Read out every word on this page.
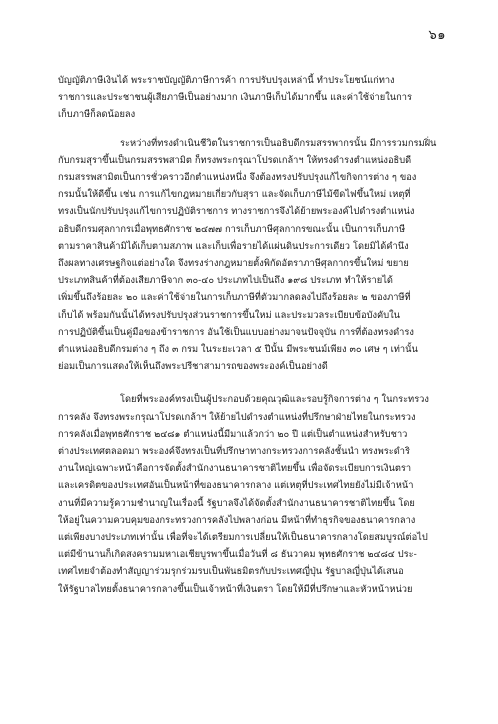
๖๑
บัญญัติภาษีเงินได้ พระราชบัญญัติภาษีการค้า การปรับปรุงเหล่านี้ ทำประโยชน์แก่ทาง
ราชการและประชาชนผู้เสียภาษีเป็นอย่างมาก เงินภาษีเก็บได้มากขึ้น และค่าใช้จ่ายในการ
เก็บภาษีก็ลดน้อยลง
ระหว่างที่ทรงดำเนินชีวิตในราชการเป็นอธิบดีกรมสรรพากรนั้น มีการรวมกรมฝิ่น
กับกรมสุราขึ้นเป็นกรมสรรพสามิต ก็ทรงพระกรุณาโปรดเกล้าฯ ให้ทรงดำรงตำแหน่งอธิบดี
กรมสรรพสามิตเป็นการชั่วคราวอีกตำแหน่งหนึ่ง จึงต้องทรงปรับปรุงแก้ไขกิจการต่าง ๆ ของ
กรมนั้นให้ดีขึ้น เช่น การแก้ไขกฎหมายเกี่ยวกับสุรา และจัดเก็บภาษีไม้ขีดไฟขึ้นใหม่ เหตุที่
ทรงเป็นนักปรับปรุงแก้ไขการปฏิบัติราชการ ทางราชการจึงได้ย้ายพระองค์ไปดำรงตำแหน่ง
อธิบดีกรมศุลกากรเมื่อพุทธศักราช ๒๔๗๗ การเก็บภาษีศุลกากรขณะนั้น เป็นการเก็บภาษี
ตามราคาสินค้ามิได้เก็บตามสภาพ และเก็บเพื่อรายได้แผ่นดินประการเดียว โดยมิได้คำนึง
ถึงผลทางเศรษฐกิจแต่อย่างใด จึงทรงร่างกฎหมายตั้งพิกัดอัตราภาษีศุลกากรขึ้นใหม่ ขยาย
ประเภทสินค้าที่ต้องเสียภาษีจาก ๓๐-๔๐ ประเภทไปเป็นถึง ๑๙๘ ประเภท ทำให้รายได้
เพิ่มขึ้นถึงร้อยละ ๒๐ และค่าใช้จ่ายในการเก็บภาษีที่ตัวมากลดลงไปถึงร้อยละ ๒ ของภาษีที่
เก็บได้ พร้อมกันนั้นได้ทรงปรับปรุงส่วนราชการขึ้นใหม่ และประมวลระเบียบข้อบังคับใน
การปฏิบัติขึ้นเป็นคู่มือของข้าราชการ อันใช้เป็นแบบอย่างมาจนปัจจุบัน การที่ต้องทรงดำรง
ตำแหน่งอธิบดีกรมต่าง ๆ ถึง ๓ กรม ในระยะเวลา ๕ ปีนั้น มีพระชนม์เพียง ๓๐ เศษ ๆ เท่านั้น
ย่อมเป็นการแสดงให้เห็นถึงพระปรีชาสามารถของพระองค์เป็นอย่างดี
โดยที่พระองค์ทรงเป็นผู้ประกอบด้วยคุณวุฒิและรอบรู้กิจการต่าง ๆ ในกระทรวง
การคลัง จึงทรงพระกรุณาโปรดเกล้าฯ ให้ย้ายไปดำรงตำแหน่งที่ปรึกษาฝ่ายไทยในกระทรวง
การคลังเมื่อพุทธศักราช ๒๔๘๑ ตำแหน่งนี้มีมาแล้วกว่า ๒๐ ปี แต่เป็นตำแหน่งสำหรับชาว
ต่างประเทศตลอดมา พระองค์จึงทรงเป็นที่ปรึกษาทางกระทรวงการคลังชั้นนำ ทรงพระดำริ
งานใหญ่เฉพาะหน้าคือการจัดตั้งสำนักงานธนาคารชาติไทยขึ้น เพื่อจัดระเบียบการเงินตรา
และเครดิตของประเทศอันเป็นหน้าที่ของธนาคารกลาง แต่เหตุที่ประเทศไทยยังไม่มีเจ้าหน้า
งานที่มีความรู้ความชำนาญในเรื่องนี้ รัฐบาลจึงได้จัดตั้งสำนักงานธนาคารชาติไทยขึ้น โดย
ให้อยู่ในความควบคุมของกระทรวงการคลังไปพลางก่อน มีหน้าที่ทำธุรกิจของธนาคารกลาง
แต่เพียงบางประเภทเท่านั้น เพื่อที่จะได้เตรียมการเปลี่ยนให้เป็นธนาคารกลางโดยสมบูรณ์ต่อไป
แต่มีข้านานก็เกิดสงครามมหาเอเชียบูรพาขึ้นเมื่อวันที่ ๘ ธันวาคม พุทธศักราช ๒๔๘๔ ประ-
เทศไทยจำต้องทำสัญญาร่วมรุกร่วมรบเป็นพันธมิตรกับประเทศญี่ปุ่น รัฐบาลญี่ปุ่นได้เสนอ
ให้รัฐบาลไทยตั้งธนาคารกลางขึ้นเป็นเจ้าหน้าที่เงินตรา โดยให้มีที่ปรึกษาและหัวหน้าหน่วย
